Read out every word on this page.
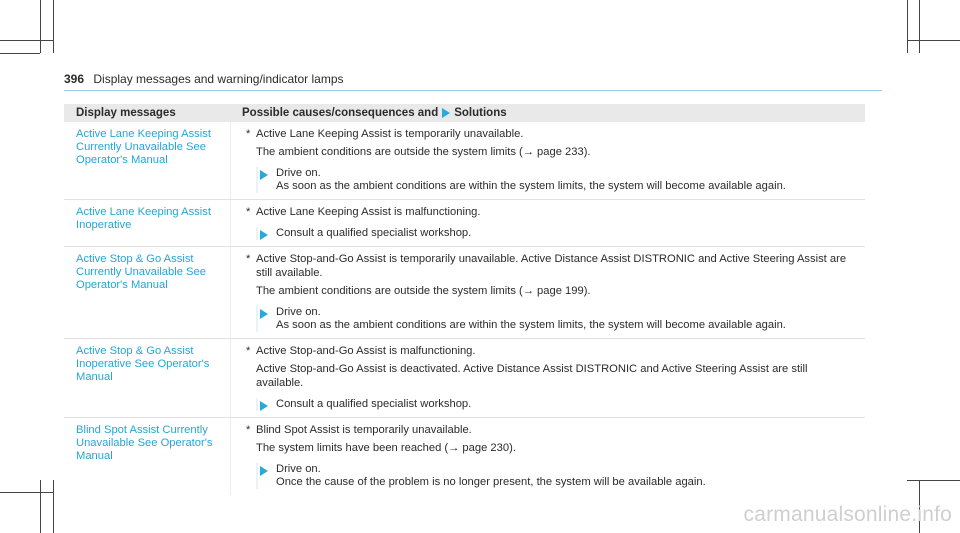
396 Display messages and warning/indicator lamps
Display messages	Possible causes/consequences and Solutions
Active Lane Keeping Assist Currently Unavailable See Operator's Manual
* Active Lane Keeping Assist is temporarily unavailable.
The ambient conditions are outside the system limits (→ page 233).
Drive on.
As soon as the ambient conditions are within the system limits, the system will become available again.
Active Lane Keeping Assist Inoperative
* Active Lane Keeping Assist is malfunctioning.
Consult a qualified specialist workshop.
Active Stop & Go Assist Currently Unavailable See Operator's Manual
* Active Stop-and-Go Assist is temporarily unavailable. Active Distance Assist DISTRONIC and Active Steering Assist are still available.
The ambient conditions are outside the system limits (→ page 199).
Drive on.
As soon as the ambient conditions are within the system limits, the system will become available again.
Active Stop & Go Assist Inoperative See Operator's Manual
* Active Stop-and-Go Assist is malfunctioning.
Active Stop-and-Go Assist is deactivated. Active Distance Assist DISTRONIC and Active Steering Assist are still available.
Consult a qualified specialist workshop.
Blind Spot Assist Currently Unavailable See Operator's Manual
* Blind Spot Assist is temporarily unavailable.
The system limits have been reached (→ page 230).
Drive on.
Once the cause of the problem is no longer present, the system will be available again.
carmanualsonline.info
